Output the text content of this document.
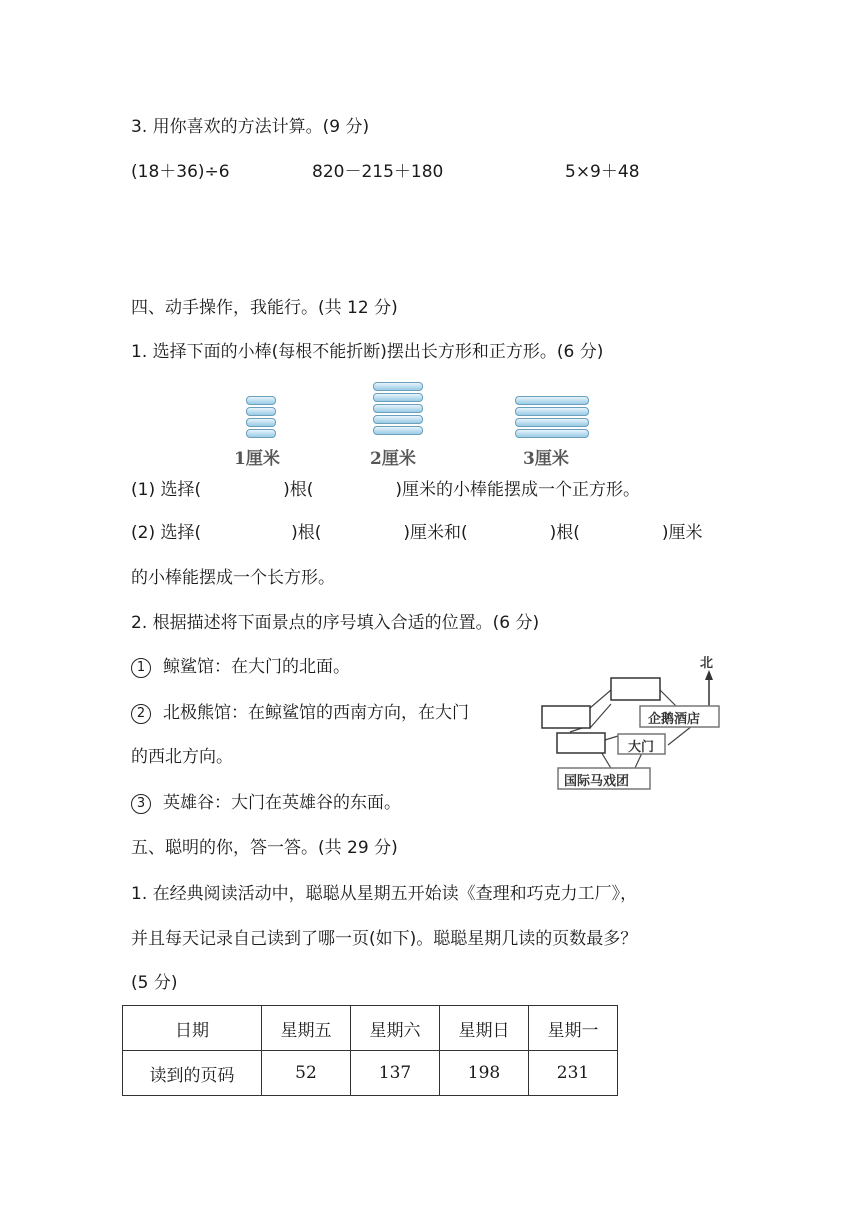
3. 用你喜欢的方法计算。(9 分)
(18＋36)÷6	820－215＋180	5×9＋48
四、动手操作，我能行。(共 12 分)
1. 选择下面的小棒(每根不能折断)摆出长方形和正方形。(6 分)
1厘米	2厘米	3厘米
(1) 选择(	)根(	)厘米的小棒能摆成一个正方形。
(2) 选择(	)根(	)厘米和(	)根(	)厘米
的小棒能摆成一个长方形。
2. 根据描述将下面景点的序号填入合适的位置。(6 分)
1 鲸鲨馆：在大门的北面。
2 北极熊馆：在鲸鲨馆的西南方向，在大门
的西北方向。
3 英雄谷：大门在英雄谷的东面。
北
企鹅酒店
大门
国际马戏团
五、聪明的你，答一答。(共 29 分)
1. 在经典阅读活动中，聪聪从星期五开始读《查理和巧克力工厂》，
并且每天记录自己读到了哪一页(如下)。聪聪星期几读的页数最多？
(5 分)
日期	星期五	星期六	星期日	星期一
读到的页码	52	137	198	231
